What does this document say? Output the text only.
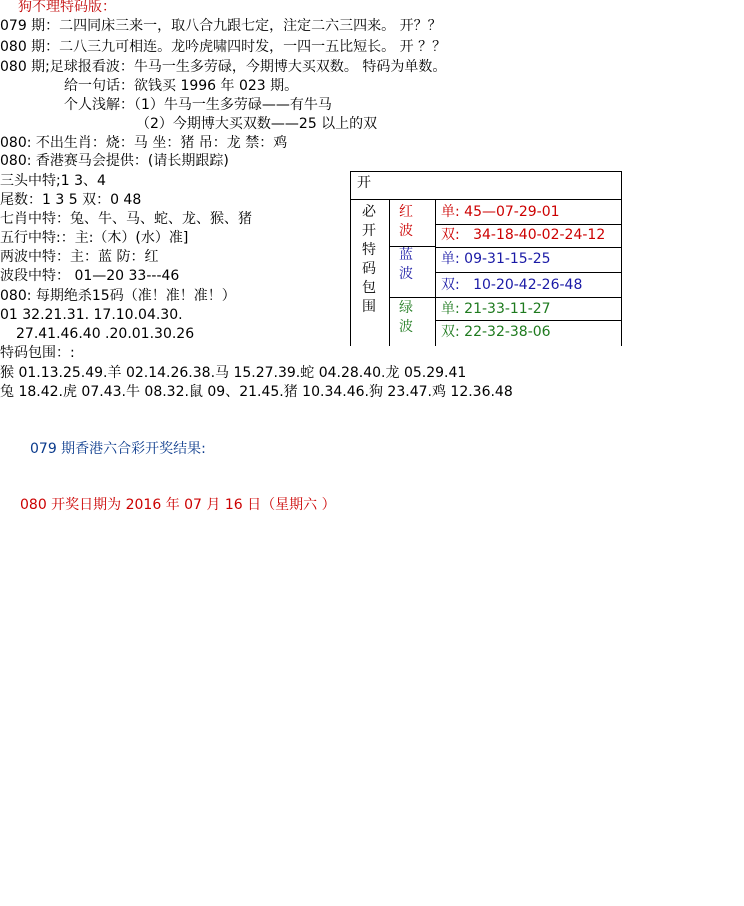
狗不理特码版：
079 期：二四同床三来一，取八合九跟七定，注定二六三四来。 开？？
080 期：二八三九可相连。龙吟虎啸四时发，一四一五比短长。 开 ？？
080 期;足球报看波：牛马一生多劳碌，今期博大买双数。 特码为单数。
给一句话：欲钱买 1996 年 023 期。
个人浅解：（1）牛马一生多劳碌——有牛马
（2）今期博大买双数——25 以上的双
080: 不出生肖：烧：马 坐：猪 吊：龙 禁：鸡
080: 香港赛马会提供：(请长期跟踪)
三头中特;1 3、4
尾数：1 3 5 双：0 48
七肖中特：兔、牛、马、蛇、龙、猴、猪
五行中特:：主:（木）(水）准]
两波中特：主：蓝 防：红
波段中特： 01—20 33---46
080: 每期绝杀15码（准！准！准！）
01 32.21.31. 17.10.04.30.
27.41.46.40 .20.01.30.26
特码包围：:
猴 01.13.25.49.羊 02.14.26.38.马 15.27.39.蛇 04.28.40.龙 05.29.41
兔 18.42.虎 07.43.牛 08.32.鼠 09、21.45.猪 10.34.46.狗 23.47.鸡 12.36.48
079 期香港六合彩开奖结果:
080 开奖日期为 2016 年 07 月 16 日（星期六 ）
开
必
开
特
码
包
围
红
波
蓝
波
绿
波
单: 45—07-29-01
双: 34-18-40-02-24-12
单: 09-31-15-25
双: 10-20-42-26-48
单: 21-33-11-27
双: 22-32-38-06
